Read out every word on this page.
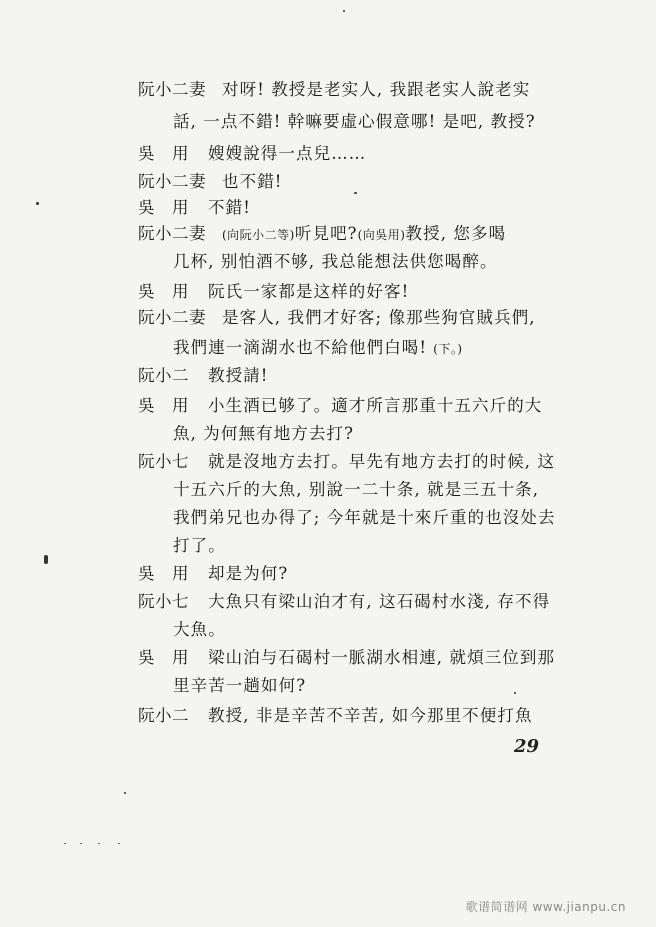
阮小二妻 对呀! 教授是老实人, 我跟老实人說老实
話, 一点不錯! 幹嘛要虛心假意哪! 是吧, 教授?
吳　用 嫂嫂說得一点兒……
阮小二妻 也不錯!
吳　用 不錯!
阮小二妻 (向阮小二等)听見吧?(向吳用)教授, 您多喝
几杯, 别怕酒不够, 我总能想法供您喝醉。
吳　用 阮氏一家都是这样的好客!
阮小二妻 是客人, 我們才好客; 像那些狗官賊兵們,
我們連一滴湖水也不給他們白喝! (下。)
阮小二 教授請!
吳　用 小生酒已够了。適才所言那重十五六斤的大
魚, 为何無有地方去打?
阮小七 就是沒地方去打。早先有地方去打的时候, 这
十五六斤的大魚, 别說一二十条, 就是三五十条,
我們弟兄也办得了; 今年就是十來斤重的也沒处去
打了。
吳　用 却是为何?
阮小七 大魚只有梁山泊才有, 这石碣村水淺, 存不得
大魚。
吳　用 梁山泊与石碣村一脈湖水相連, 就煩三位到那
里辛苦一趟如何?
阮小二 教授, 非是辛苦不辛苦, 如今那里不便打魚
29
歌谱简谱网 www.jianpu.cn
